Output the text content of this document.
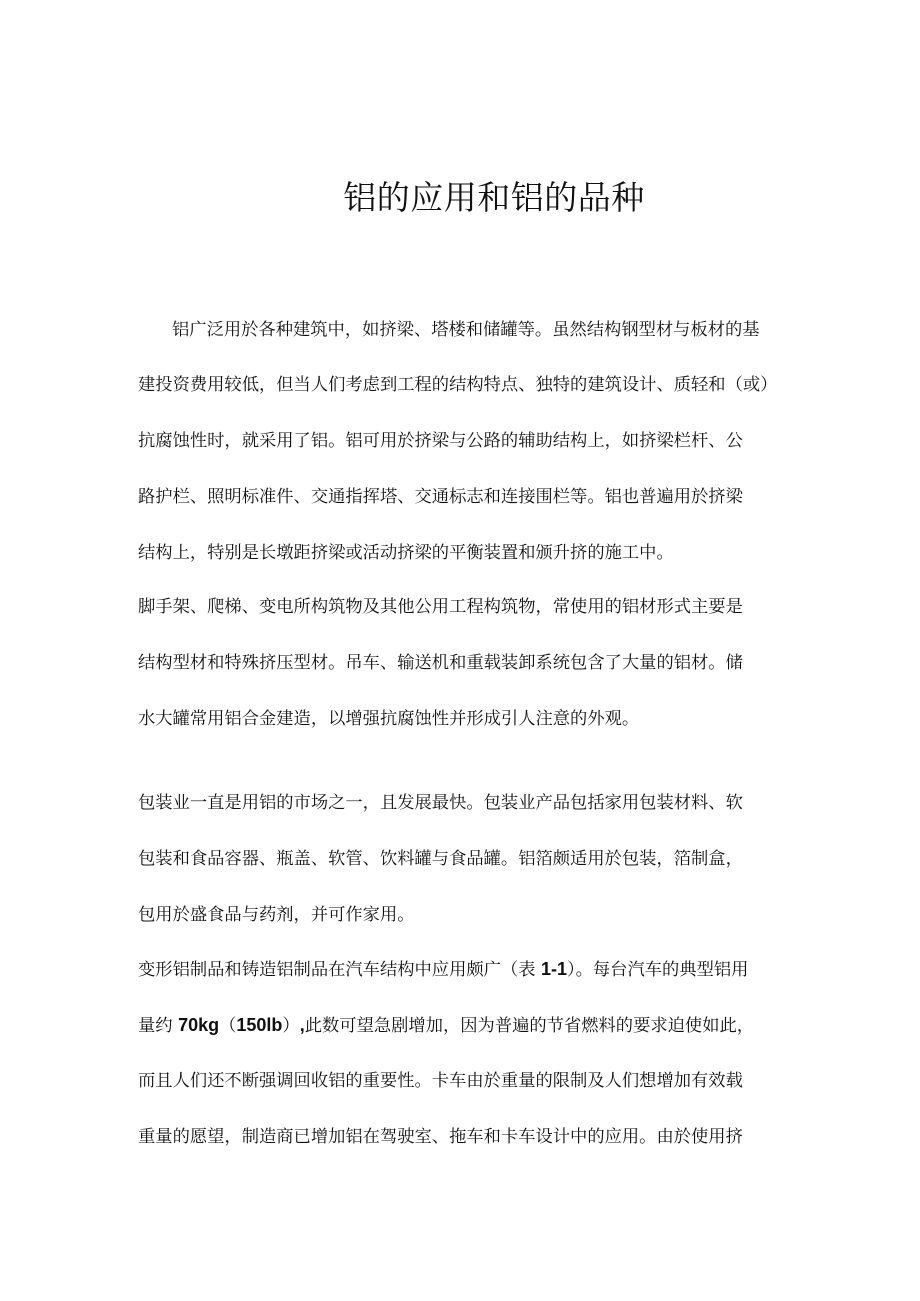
铝的应用和铝的品种
铝广泛用於各种建筑中，如挤梁、塔楼和储罐等。虽然结构钢型材与板材的基
建投资费用较低，但当人们考虑到工程的结构特点、独特的建筑设计、质轻和（或）
抗腐蚀性时，就采用了铝。铝可用於挤梁与公路的辅助结构上，如挤梁栏杆、公
路护栏、照明标准件、交通指挥塔、交通标志和连接围栏等。铝也普遍用於挤梁
结构上，特别是长墩距挤梁或活动挤梁的平衡装置和颁升挤的施工中。
脚手架、爬梯、变电所构筑物及其他公用工程构筑物，常使用的铝材形式主要是
结构型材和特殊挤压型材。吊车、输送机和重载装卸系统包含了大量的铝材。储
水大罐常用铝合金建造，以增强抗腐蚀性并形成引人注意的外观。
包装业一直是用铝的市场之一，且发展最快。包装业产品包括家用包装材料、软
包装和食品容器、瓶盖、软管、饮料罐与食品罐。铝箔颇适用於包装，箔制盒，
包用於盛食品与药剂，并可作家用。
变形铝制品和铸造铝制品在汽车结构中应用颇广（表 1-1）。每台汽车的典型铝用
量约 70kg（150lb）,此数可望急剧增加，因为普遍的节省燃料的要求迫使如此，
而且人们还不断强调回收铝的重要性。卡车由於重量的限制及人们想增加有效载
重量的愿望，制造商已增加铝在驾驶室、拖车和卡车设计中的应用。由於使用挤
